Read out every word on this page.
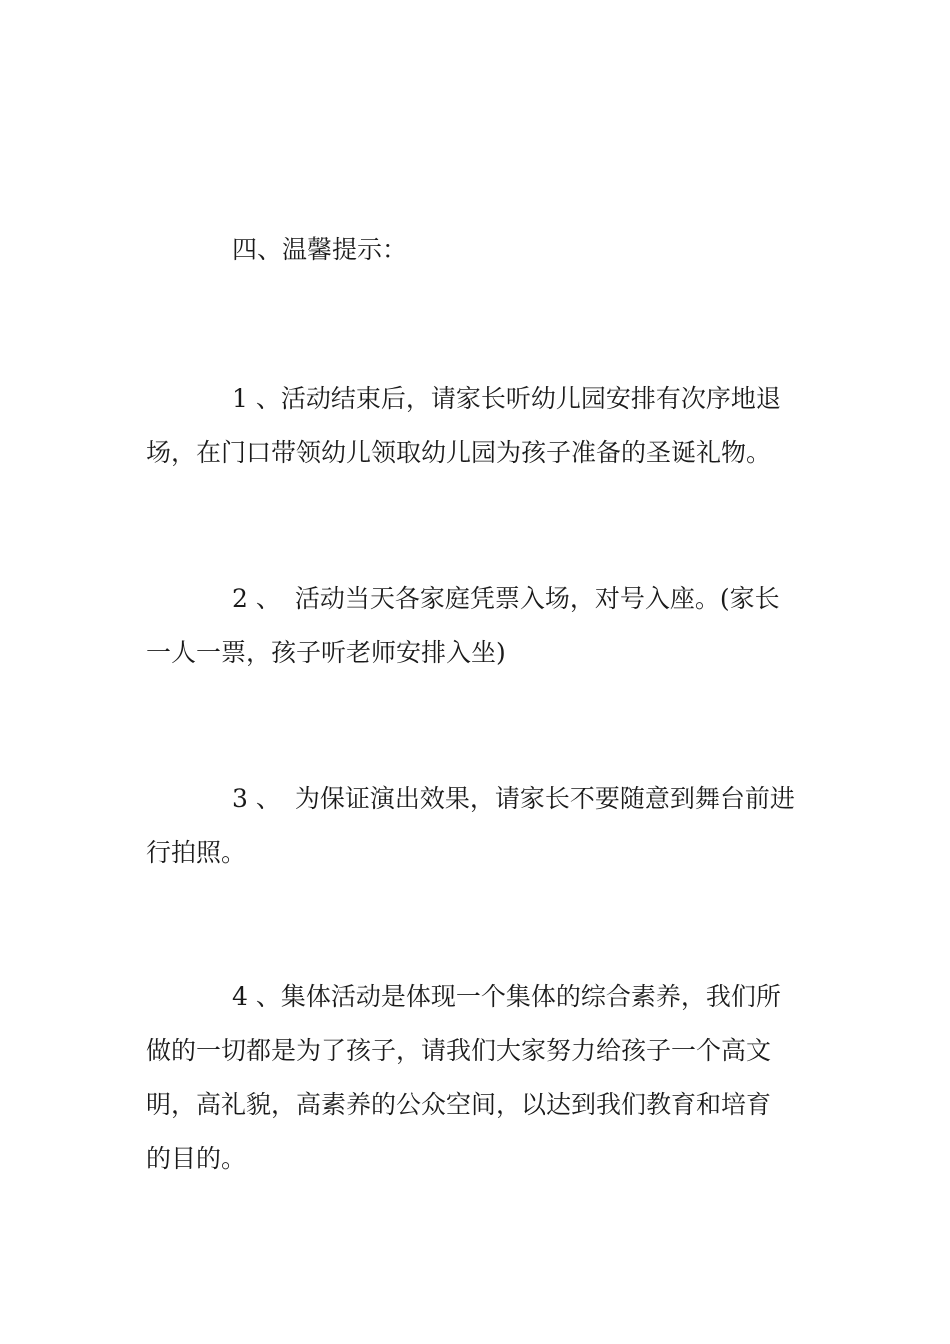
四、温馨提示：
1 、活动结束后，请家长听幼儿园安排有次序地退
场，在门口带领幼儿领取幼儿园为孩子准备的圣诞礼物。
2 、 活动当天各家庭凭票入场，对号入座。(家长
一人一票，孩子听老师安排入坐)
3 、 为保证演出效果，请家长不要随意到舞台前进
行拍照。
4 、集体活动是体现一个集体的综合素养，我们所
做的一切都是为了孩子，请我们大家努力给孩子一个高文
明，高礼貌，高素养的公众空间，以达到我们教育和培育
的目的。
